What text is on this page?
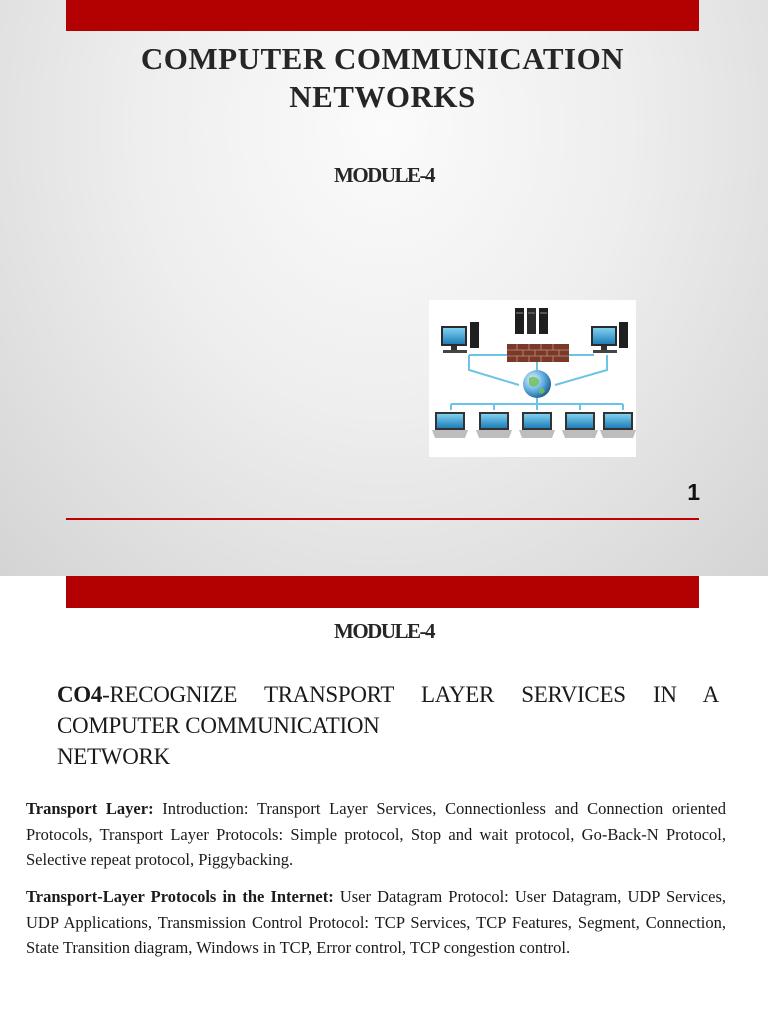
COMPUTER COMMUNICATION
NETWORKS
MODULE-4
1
MODULE-4
CO4-RECOGNIZE TRANSPORT LAYER SERVICES IN A
COMPUTER COMMUNICATION
NETWORK

Transport Layer: Introduction: Transport Layer Services, Connectionless and Connection oriented Protocols, Transport Layer Protocols: Simple protocol, Stop and wait protocol, Go-Back-N Protocol, Selective repeat protocol, Piggybacking.

Transport-Layer Protocols in the Internet: User Datagram Protocol: User Datagram, UDP Services, UDP Applications, Transmission Control Protocol: TCP Services, TCP Features, Segment, Connection, State Transition diagram, Windows in TCP, Error control, TCP congestion control.
